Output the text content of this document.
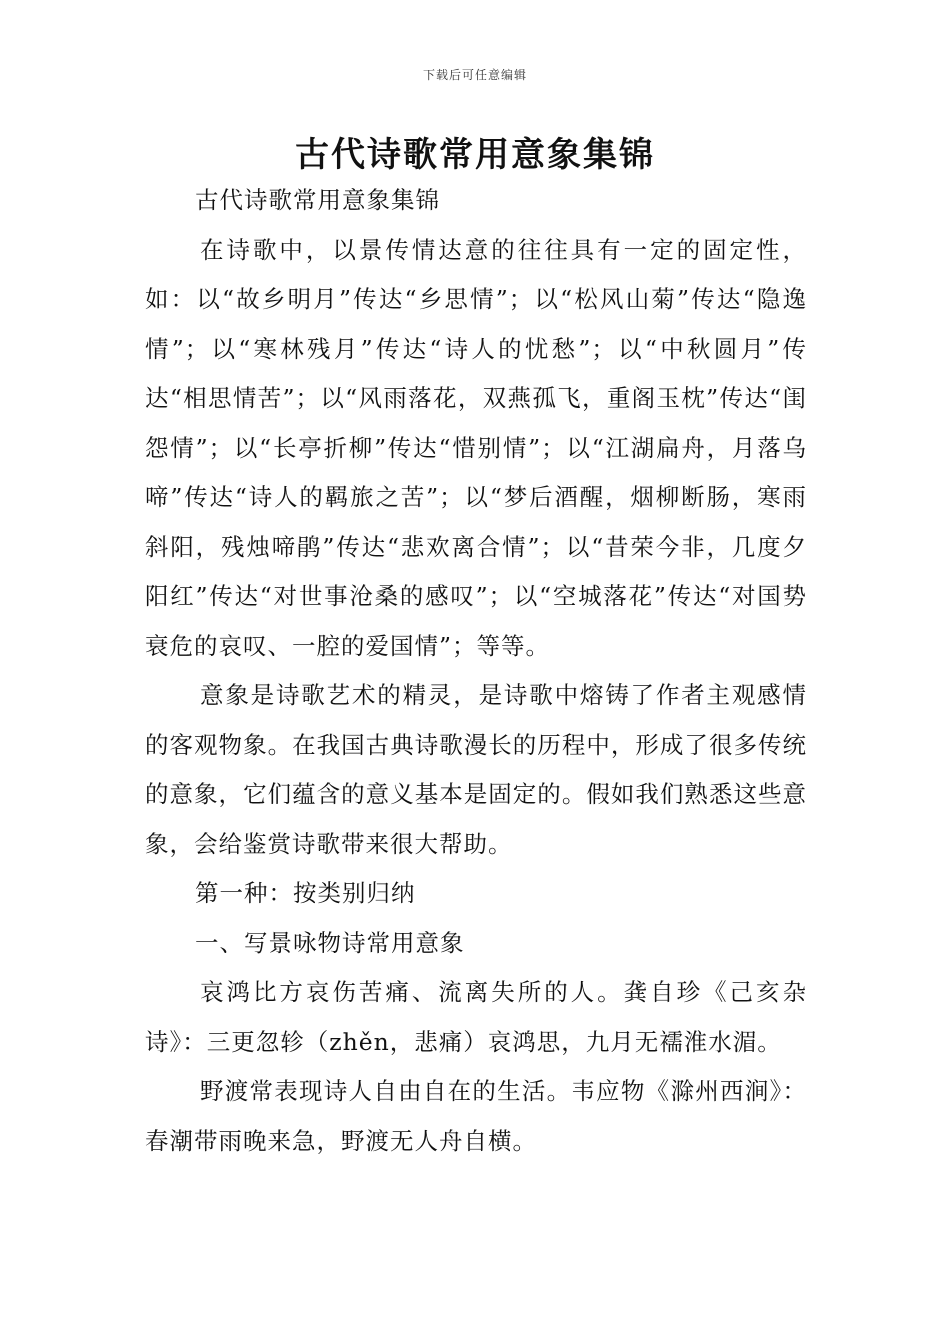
下载后可任意编辑
古代诗歌常用意象集锦

古代诗歌常用意象集锦

在诗歌中，以景传情达意的往往具有一定的固定性，如：以“故乡明月”传达“乡思情”；以“松风山菊”传达“隐逸情”；以“寒林残月”传达“诗人的忧愁”；以“中秋圆月”传达“相思情苦”；以“风雨落花，双燕孤飞，重阁玉枕”传达“闺怨情”；以“长亭折柳”传达“惜别情”；以“江湖扁舟，月落乌啼”传达“诗人的羁旅之苦”；以“梦后酒醒，烟柳断肠，寒雨斜阳，残烛啼鹃”传达“悲欢离合情”；以“昔荣今非，几度夕阳红”传达“对世事沧桑的感叹”；以“空城落花”传达“对国势衰危的哀叹、一腔的爱国情”；等等。

意象是诗歌艺术的精灵，是诗歌中熔铸了作者主观感情的客观物象。在我国古典诗歌漫长的历程中，形成了很多传统的意象，它们蕴含的意义基本是固定的。假如我们熟悉这些意象，会给鉴赏诗歌带来很大帮助。

第一种：按类别归纳

一、写景咏物诗常用意象

哀鸿比方哀伤苦痛、流离失所的人。龚自珍《己亥杂诗》：三更忽轸（zhěn，悲痛）哀鸿思，九月无襦淮水湄。

野渡常表现诗人自由自在的生活。韦应物《滁州西涧》：春潮带雨晚来急，野渡无人舟自横。
